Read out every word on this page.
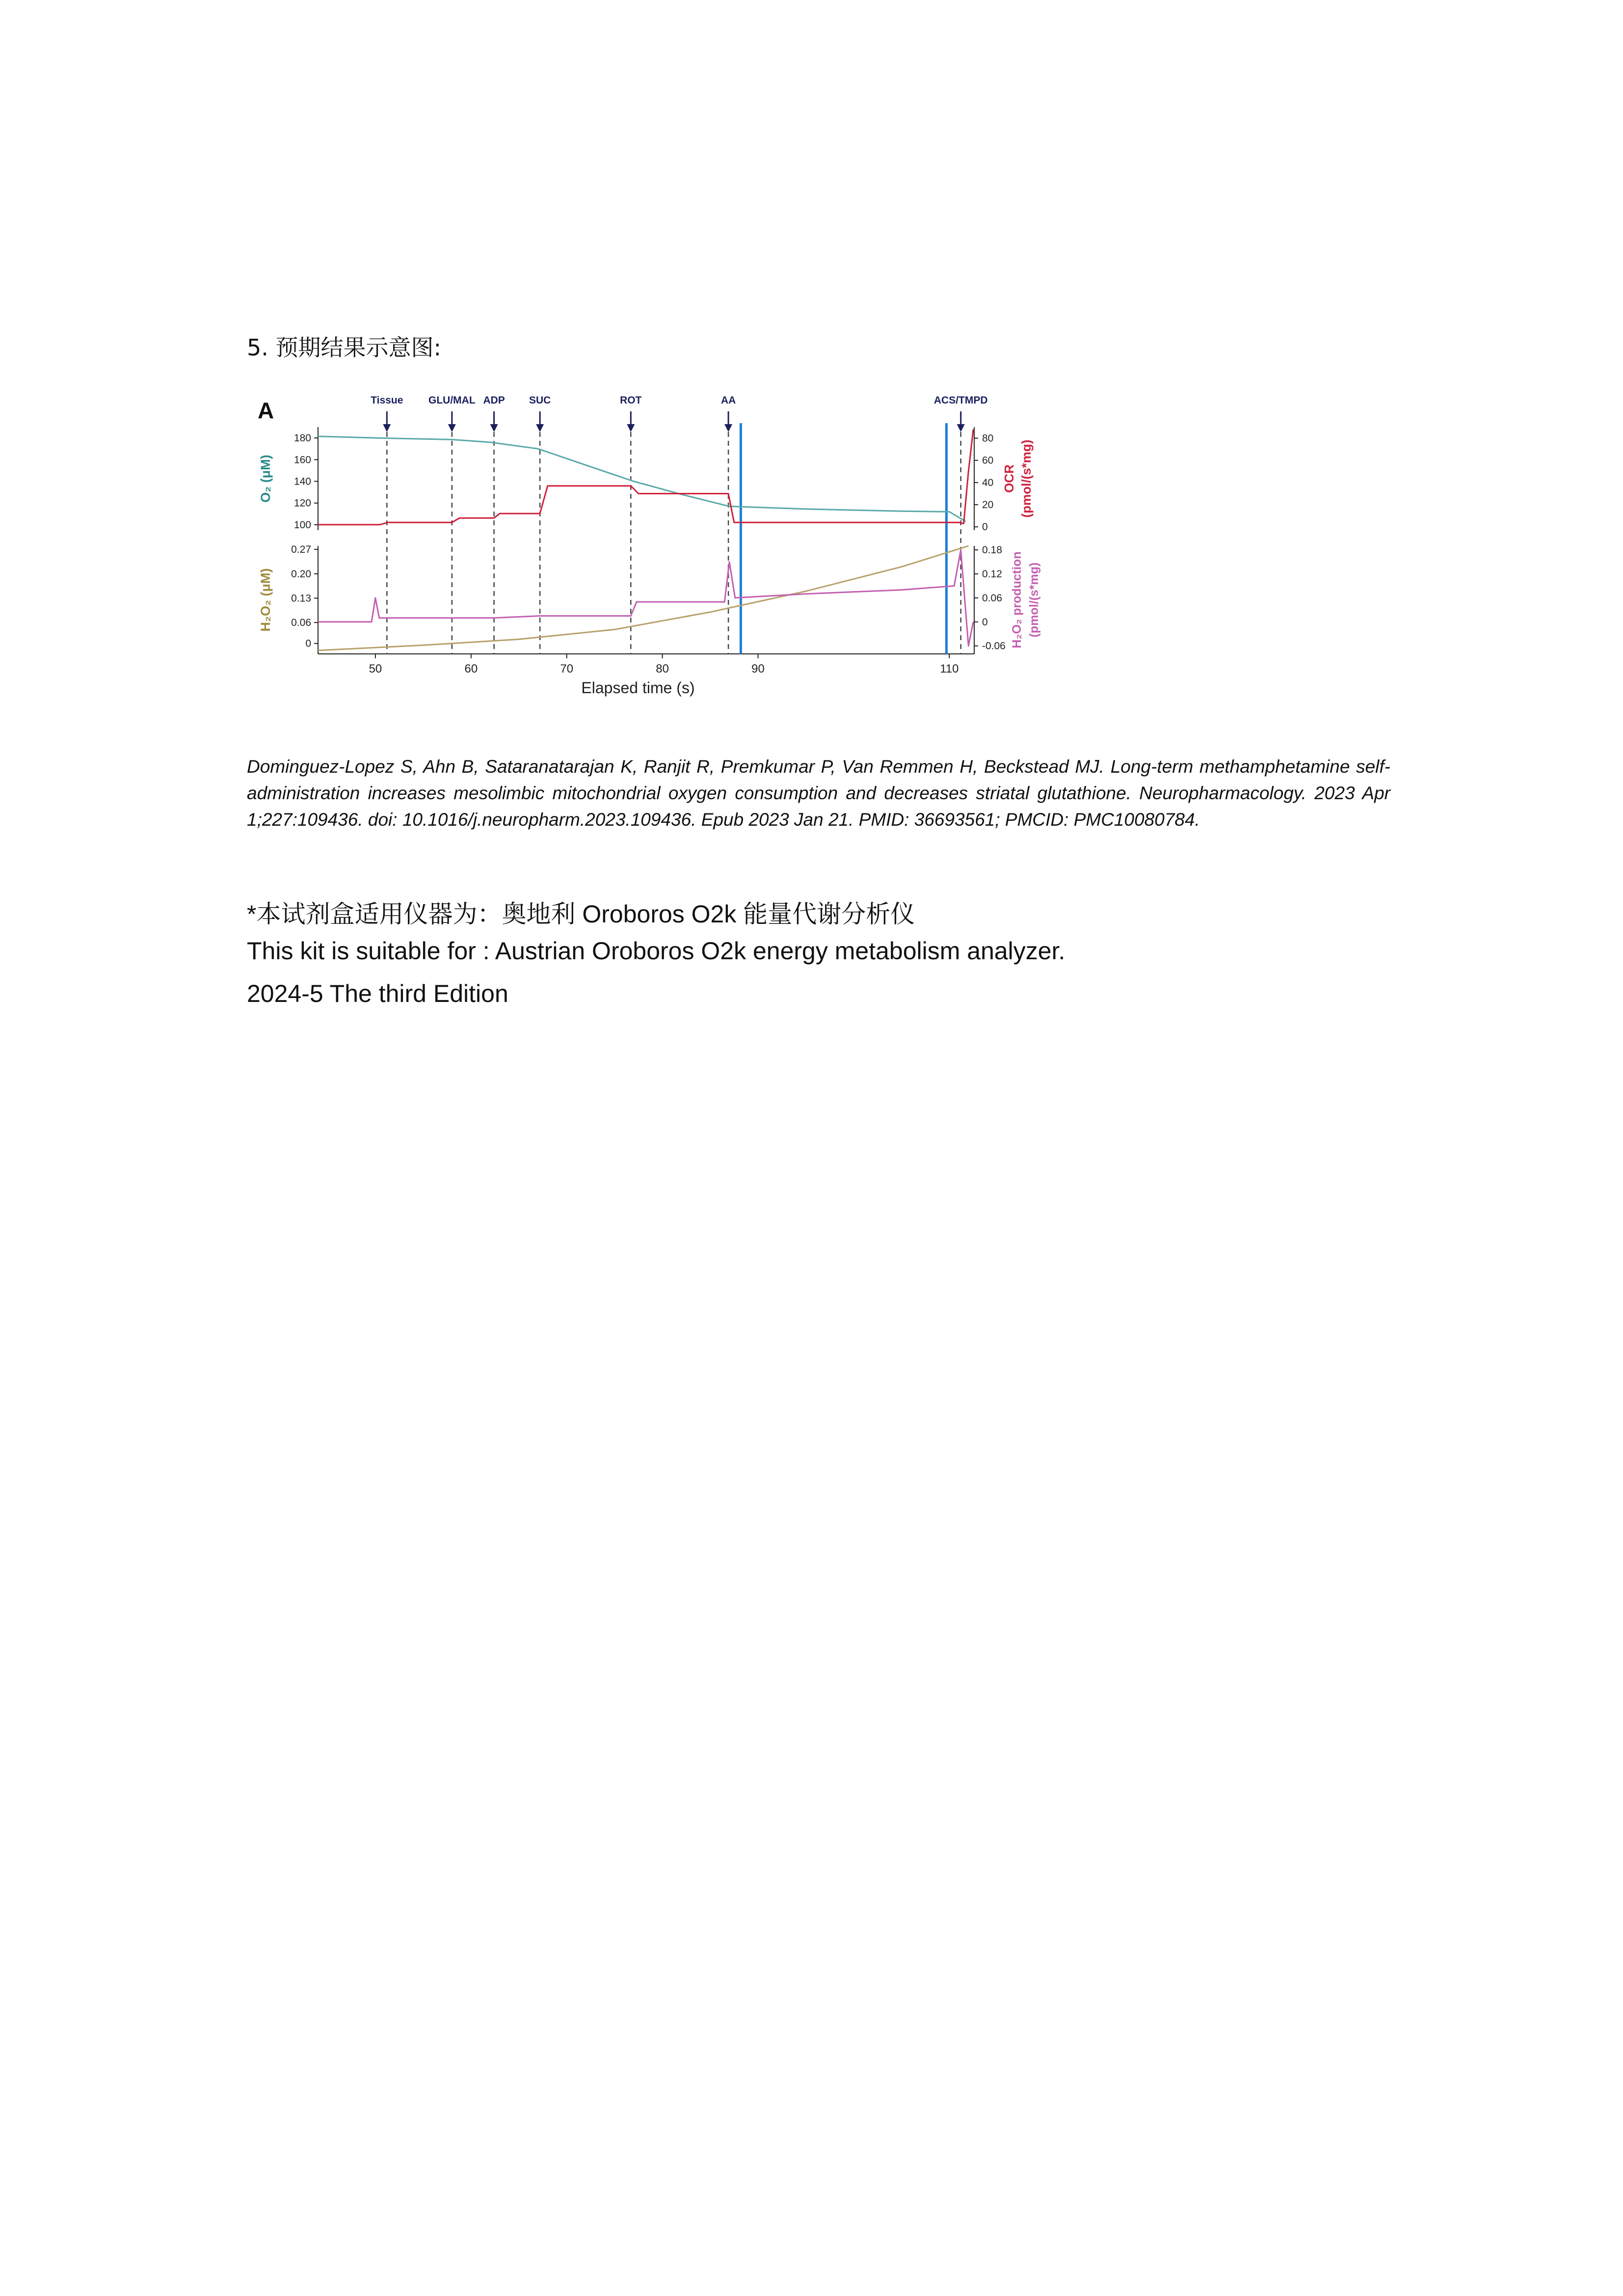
5. 预期结果示意图:
A	Tissue GLU/MAL ADP SUC	ROT	AA	ACS/TMPD
100
120
140
160
180
0
20
40
60
80
0
0.06
0.13
0.20
0.27
-0.06
0
0.06
0.12
0.18
O₂ (μM)
H₂O₂ (μM)
OCR (pmol/(s*mg)
H₂O₂ production (pmol/(s*mg)
50	60	70	80	90	110
Elapsed time (s)

Dominguez-Lopez S, Ahn B, Sataranatarajan K, Ranjit R, Premkumar P, Van Remmen H, Beckstead MJ. Long-term methamphetamine self-administration increases mesolimbic mitochondrial oxygen consumption and decreases striatal glutathione. Neuropharmacology. 2023 Apr 1;227:109436. doi: 10.1016/j.neuropharm.2023.109436. Epub 2023 Jan 21. PMID: 36693561; PMCID: PMC10080784.

*本试剂盒适用仪器为：奥地利 Oroboros O2k 能量代谢分析仪
This kit is suitable for : Austrian Oroboros O2k energy metabolism analyzer.
2024-5 The third Edition
